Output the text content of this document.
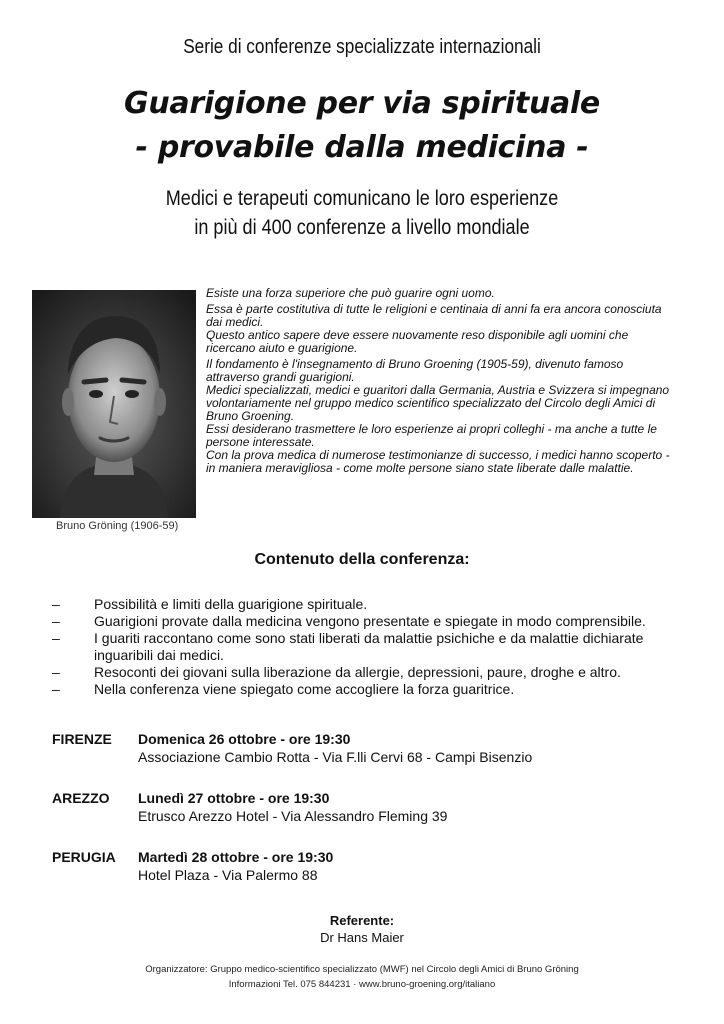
Serie di conferenze specializzate internazionali
Guarigione per via spirituale
- provabile dalla medicina -
Medici e terapeuti comunicano le loro esperienze
in più di 400 conferenze a livello mondiale
Bruno Gröning (1906-59)

Esiste una forza superiore che può guarire ogni uomo.

Essa è parte costitutiva di tutte le religioni e centinaia di anni fa era ancora conosciuta dai medici.
Questo antico sapere deve essere nuovamente reso disponibile agli uomini che ricercano aiuto e guarigione.

Il fondamento è l'insegnamento di Bruno Groening (1905-59), divenuto famoso attraverso grandi guarigioni.
Medici specializzati, medici e guaritori dalla Germania, Austria e Svizzera si impegnano volontariamente nel gruppo medico scientifico specializzato del Circolo degli Amici di Bruno Groening.
Essi desiderano trasmettere le loro esperienze ai propri colleghi - ma anche a tutte le persone interessate.
Con la prova medica di numerose testimonianze di successo, i medici hanno scoperto - in maniera meravigliosa - come molte persone siano state liberate dalle malattie.

Contenuto della conferenza:
–	Possibilità e limiti della guarigione spirituale.
–	Guarigioni provate dalla medicina vengono presentate e spiegate in modo comprensibile.
–	I guariti raccontano come sono stati liberati da malattie psichiche e da malattie dichiarate inguaribili dai medici.
–	Resoconti dei giovani sulla liberazione da allergie, depressioni, paure, droghe e altro.
–	Nella conferenza viene spiegato come accogliere la forza guaritrice.
FIRENZE	Domenica 26 ottobre - ore 19:30
Associazione Cambio Rotta - Via F.lli Cervi 68 - Campi Bisenzio
AREZZO	Lunedì 27 ottobre - ore 19:30
Etrusco Arezzo Hotel - Via Alessandro Fleming 39
PERUGIA	Martedì 28 ottobre - ore 19:30
Hotel Plaza - Via Palermo 88
Referente:
Dr Hans Maier
Organizzatore: Gruppo medico-scientifico specializzato (MWF) nel Circolo degli Amici di Bruno Gröning
Informazioni Tel. 075 844231 · www.bruno-groening.org/italiano
